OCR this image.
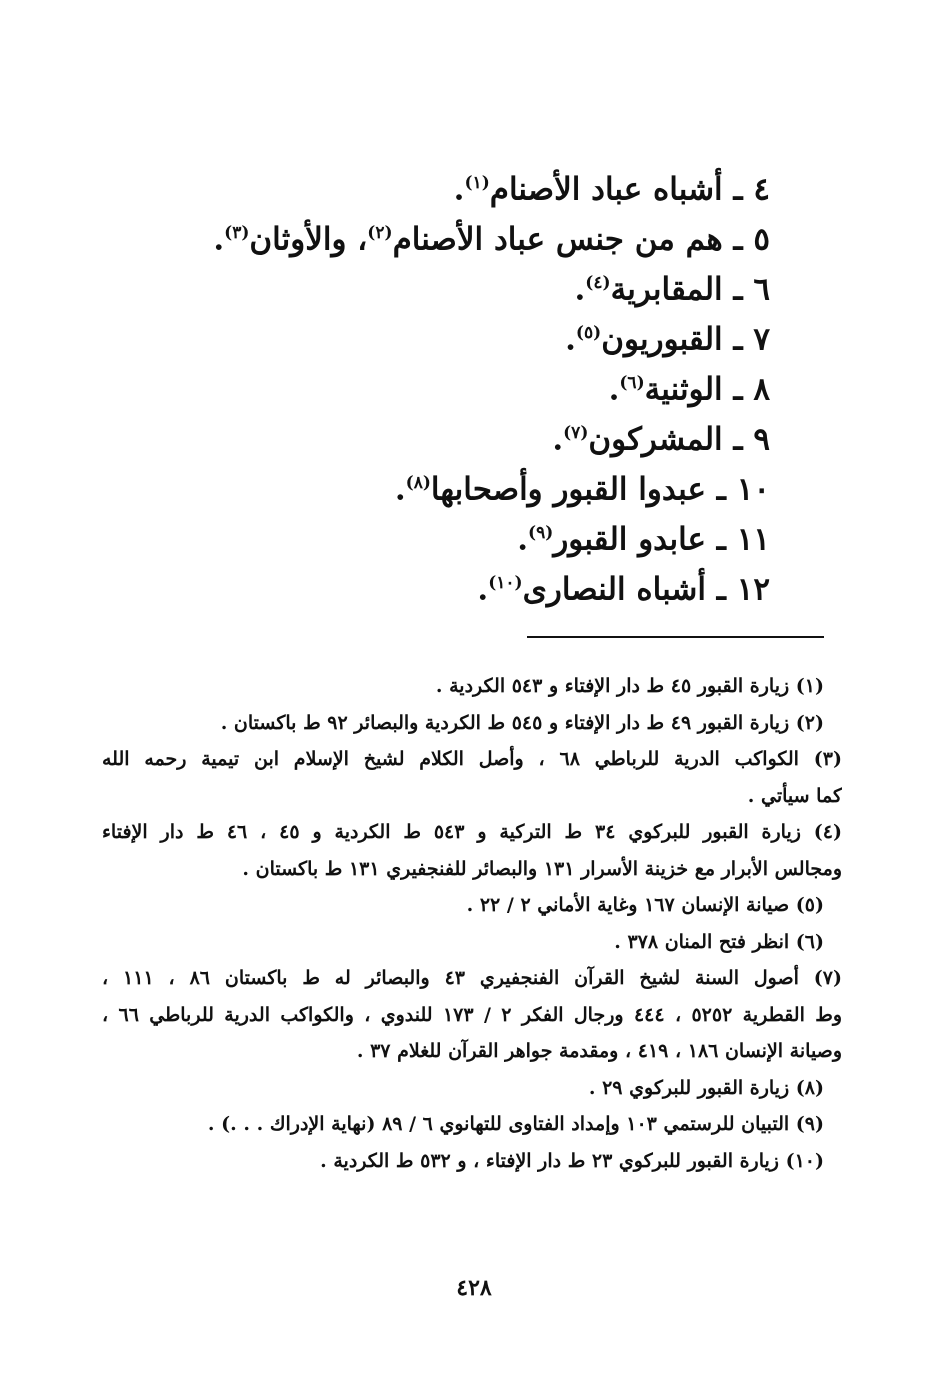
٤ ـ أشباه عباد الأصنام$^{(١)}$.
٥ ـ هم من جنس عباد الأصنام$^{(٢)}$، والأوثان$^{(٣)}$.
٦ ـ المقابرية$^{(٤)}$.
٧ ـ القبوريون$^{(٥)}$.
٨ ـ الوثنية$^{(٦)}$.
٩ ـ المشركون$^{(٧)}$.
١٠ ـ عبدوا القبور وأصحابها$^{(٨)}$.
١١ ـ عابدو القبور$^{(٩)}$.
١٢ ـ أشباه النصارى$^{(١٠)}$.
(١) زيارة القبور ٤٥ ط دار الإفتاء و ٥٤٣ الكردية .
(٢) زيارة القبور ٤٩ ط دار الإفتاء و ٥٤٥ ط الكردية والبصائر ٩٢ ط باكستان .
(٣) الكواكب الدرية للرباطي ٦٨ ، وأصل الكلام لشيخ الإسلام ابن تيمية رحمه الله
كما سيأتي .
(٤) زيارة القبور للبركوي ٣٤ ط التركية و ٥٤٣ ط الكردية و ٤٥ ، ٤٦ ط دار الإفتاء
ومجالس الأبرار مع خزينة الأسرار ١٣١ والبصائر للفنجفيري ١٣١ ط باكستان .
(٥) صيانة الإنسان ١٦٧ وغاية الأماني ٢ / ٢٢ .
(٦) انظر فتح المنان ٣٧٨ .
(٧) أصول السنة لشيخ القرآن الفنجفيري ٤٣ والبصائر له ط باكستان ٨٦ ، ١١١ ،
وط القطرية ٥٢٥٢ ، ٤٤٤ ورجال الفكر ٢ / ١٧٣ للندوي ، والكواكب الدرية للرباطي ٦٦ ،
وصيانة الإنسان ١٨٦ ، ٤١٩ ، ومقدمة جواهر القرآن للغلام ٣٧ .
(٨) زيارة القبور للبركوي ٢٩ .
(٩) التبيان للرستمي ١٠٣ وإمداد الفتاوى للتهانوي ٦ / ٨٩ (نهاية الإدراك . . .) .
(١٠) زيارة القبور للبركوي ٢٣ ط دار الإفتاء ، و ٥٣٢ ط الكردية .
٤٢٨
